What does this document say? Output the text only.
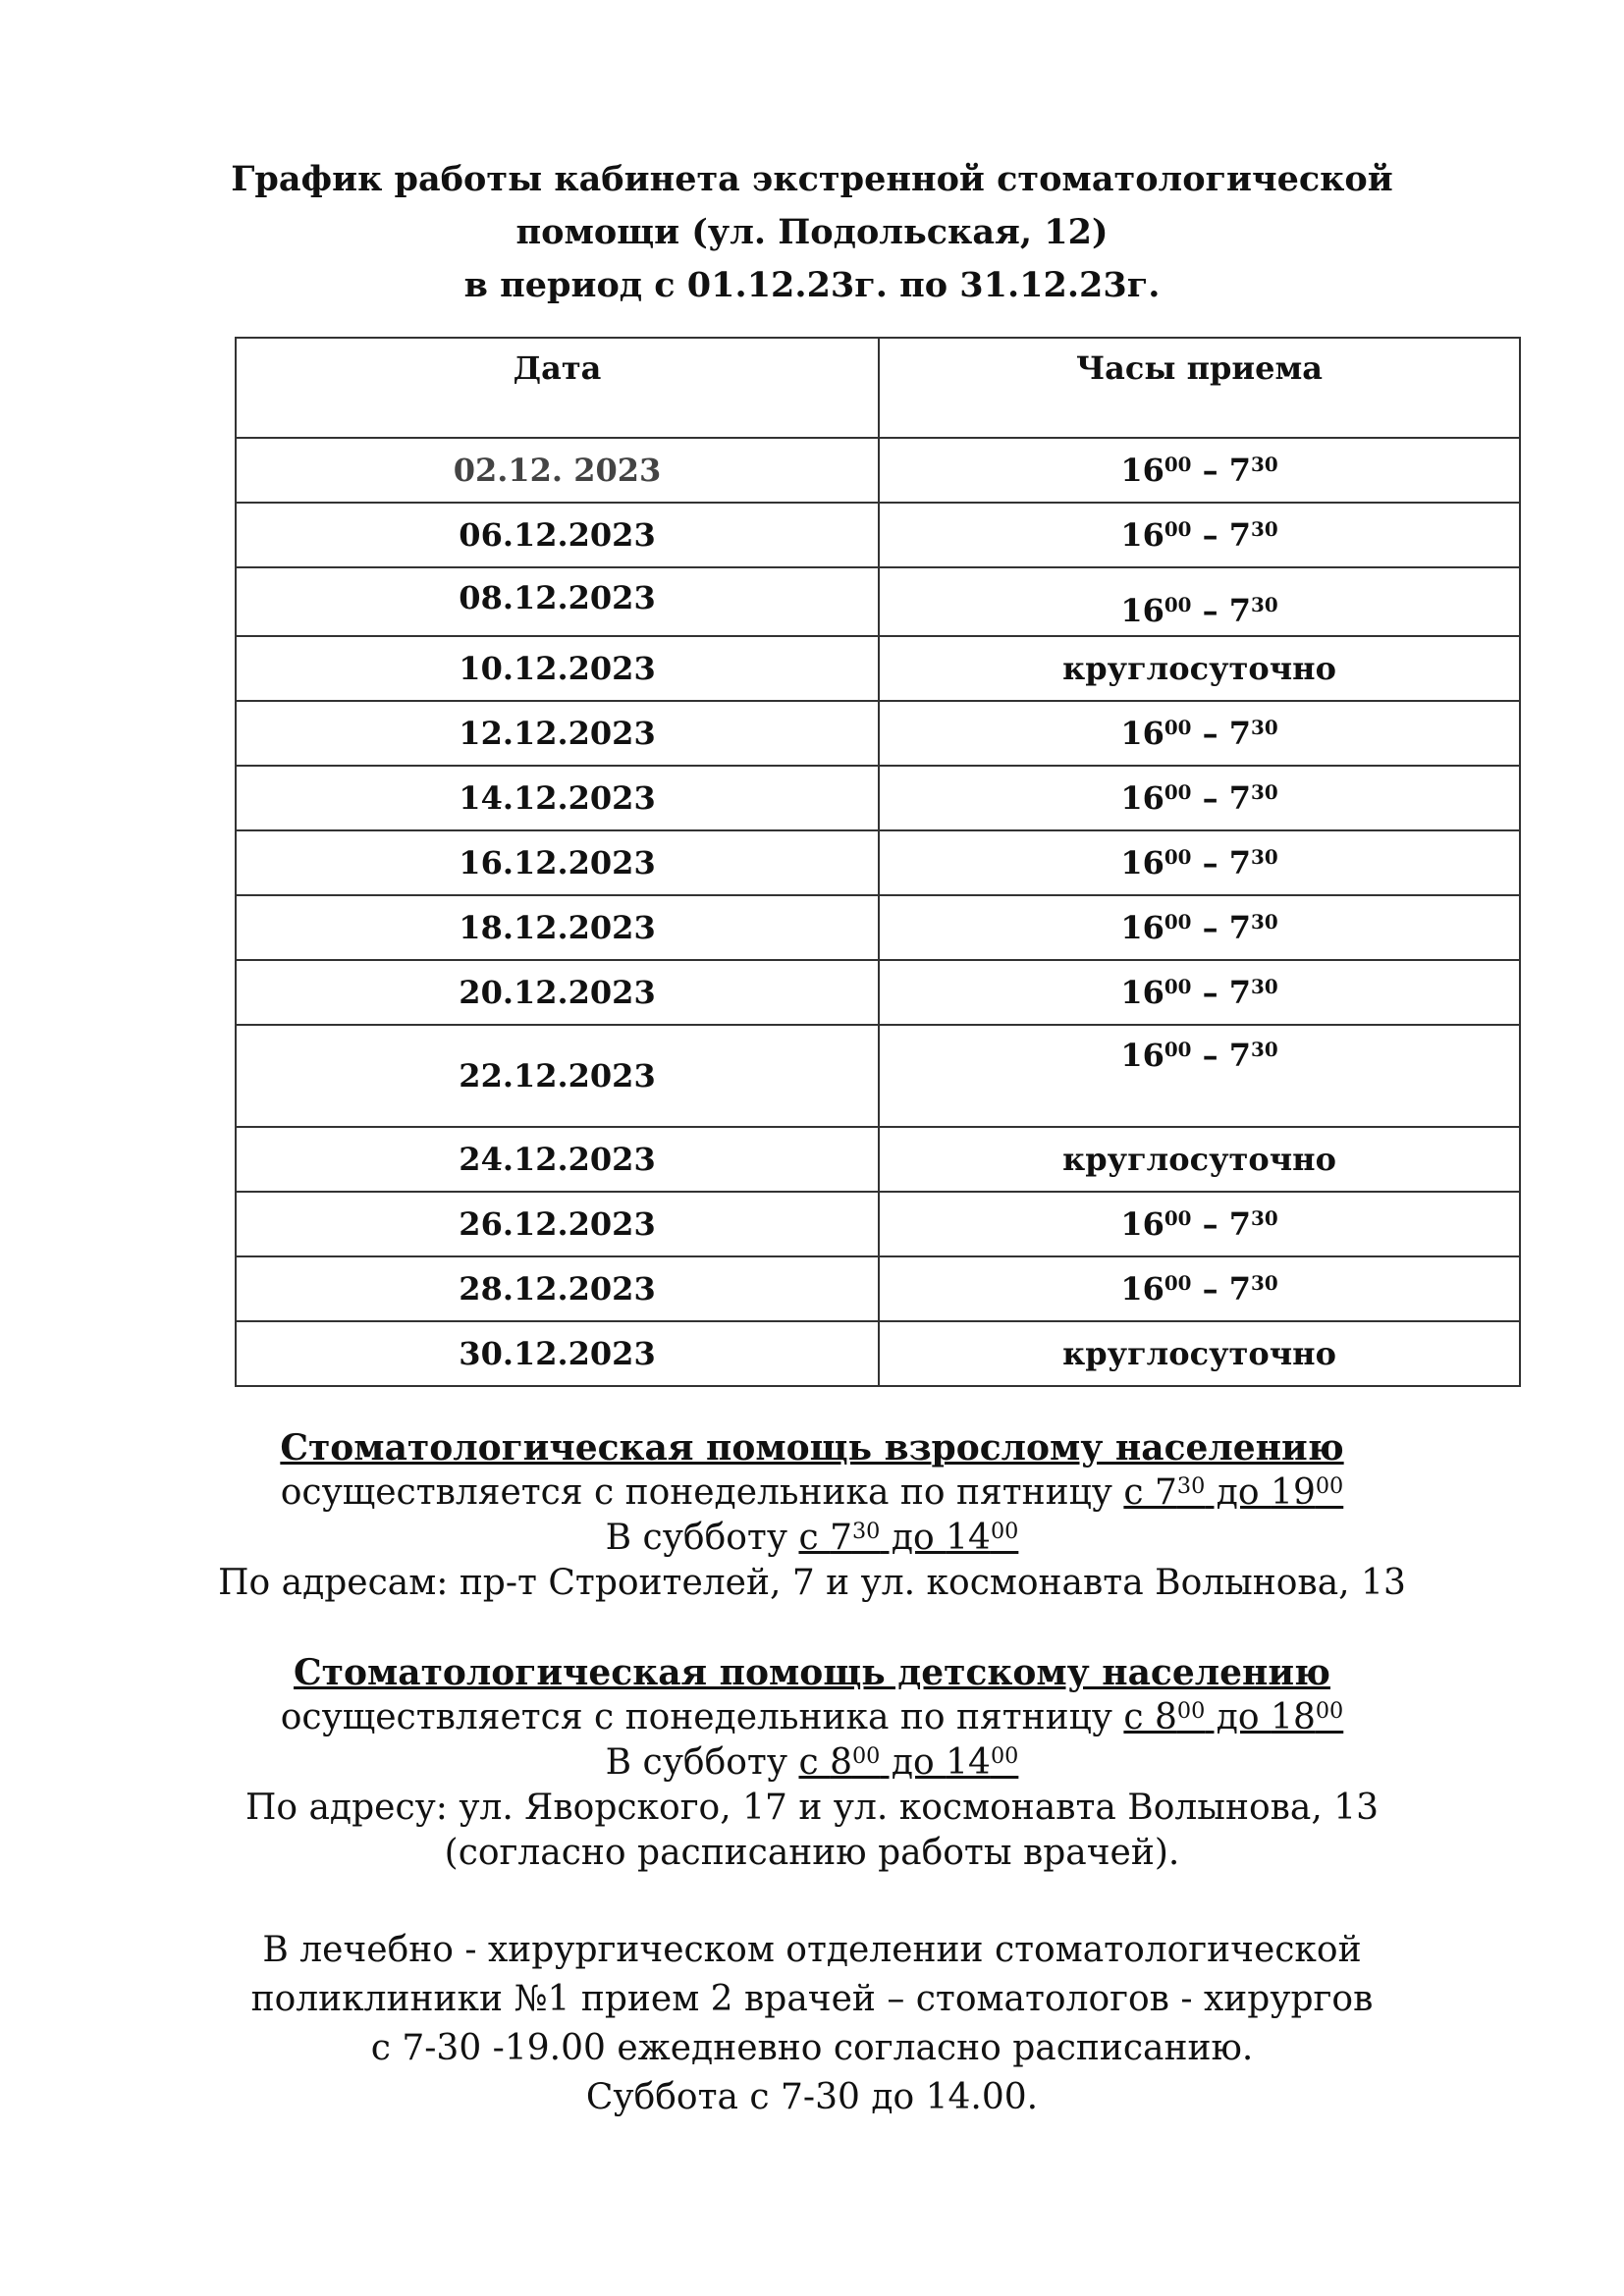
График работы кабинета экстренной стоматологической
помощи (ул. Подольская, 12)
в период с 01.12.23г. по 31.12.23г.
Дата	Часы приема

02.12. 2023	$16^{00} - 7^{30}$
06.12.2023	$16^{00} - 7^{30}$

08.12.2023	$16^{00} - 7^{30}$

10.12.2023	круглосуточно
12.12.2023	$16^{00} - 7^{30}$
14.12.2023	$16^{00} - 7^{30}$
16.12.2023	$16^{00} - 7^{30}$
18.12.2023	$16^{00} - 7^{30}$
20.12.2023	$16^{00} - 7^{30}$
22.12.2023	$16^{00} - 7^{30}$

24.12.2023	круглосуточно
26.12.2023	$16^{00} - 7^{30}$
28.12.2023	$16^{00} - 7^{30}$
30.12.2023	круглосуточно
Стоматологическая помощь взрослому населению
осуществляется с понедельника по пятницу с $7^{30}$ до $19^{00}$
В субботу с $7^{30}$ до $14^{00}$
По адресам: пр-т Строителей, 7 и ул. космонавта Волынова, 13
Стоматологическая помощь детскому населению
осуществляется с понедельника по пятницу с $8^{00}$ до $18^{00}$
В субботу с $8^{00}$ до $14^{00}$
По адресу: ул. Яворского, 17 и ул. космонавта Волынова, 13
(согласно расписанию работы врачей).
В лечебно - хирургическом отделении стоматологической
поликлиники №1 прием 2 врачей – стоматологов - хирургов
с 7-30 -19.00 ежедневно согласно расписанию.
Суббота с 7-30 до 14.00.
